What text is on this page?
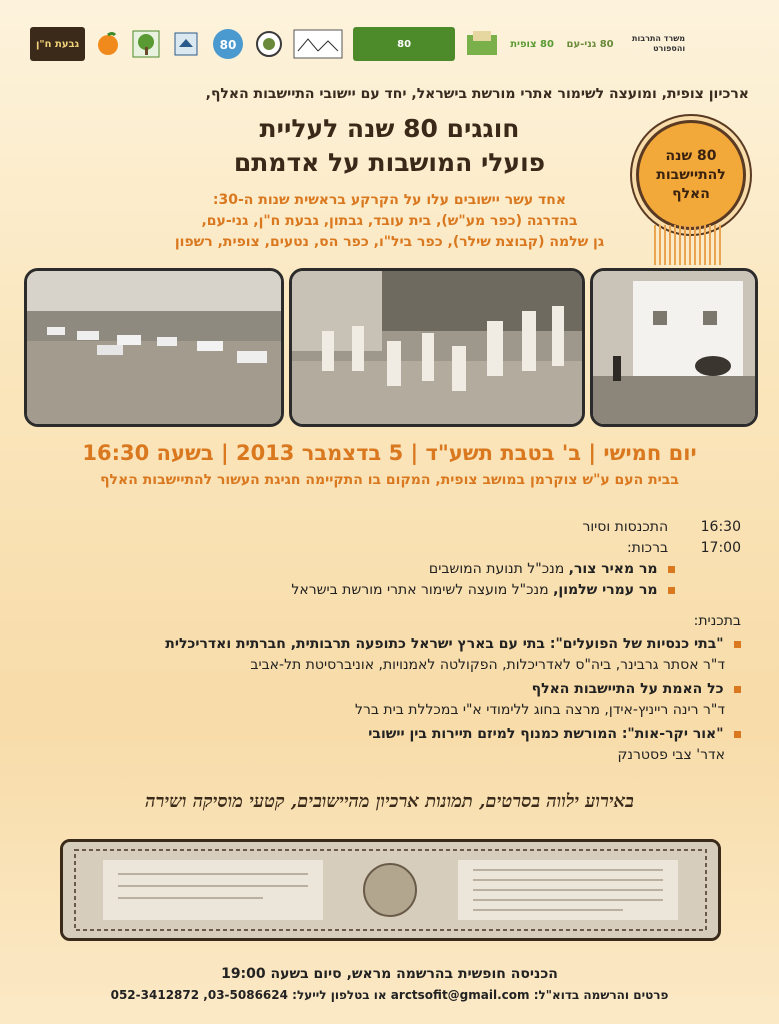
גבעת ח"ן	80	80	80 צופית 80 גני-עם	משרד התרבות והספורט
ארכיון צופית, ומועצה לשימור אתרי מורשת בישראל, יחד עם יישובי התיישבות האלף,
חוגגים 80 שנה לעליית
פועלי המושבות על אדמתם
אחד עשר יישובים עלו על הקרקע בראשית שנות ה-30:
בהדרגה (כפר מע"ש), בית עובד, גבתון, גבעת ח"ן, גני-עם,
גן שלמה (קבוצת שילר), כפר ביל"ו, כפר הס, נטעים, צופית, רשפון
80 שנה
להתיישבות
האלף
יום חמישי | ב' בטבת תשע"ד | 5 בדצמבר 2013 | בשעה 16:30
בבית העם ע"ש צוקרמן במושב צופית, המקום בו התקיימה חגיגת העשור להתיישבות האלף
16:30  התכנסות וסיור
17:00  ברכות:
מר מאיר צור, מנכ"ל תנועת המושבים
מר עמרי שלמון, מנכ"ל מועצה לשימור אתרי מורשת בישראל
בתכנית:
"בתי כנסיות של הפועלים": בתי עם בארץ ישראל כתופעה תרבותית, חברתית ואדריכלית
ד"ר אסתר גרבינר, ביה"ס לאדריכלות, הפקולטה לאמנויות, אוניברסיטת תל-אביב
כל האמת על התיישבות האלף
ד"ר רינה רייניץ-אידן, מרצה בחוג ללימודי א"י במכללת בית ברל
"אור יקר-אות": המורשת כמנוף למיזם תיירות בין יישובי
אדר' צבי פסטרנק
באירוע ילווה בסרטים, תמונות ארכיון מהיישובים, קטעי מוסיקה ושירה
הכניסה חופשית בהרשמה מראש, סיום בשעה 19:00
פרטים והרשמה בדוא"ל: arctsofit@gmail.com או בטלפון לייעל: 03-5086624, 052-3412872
